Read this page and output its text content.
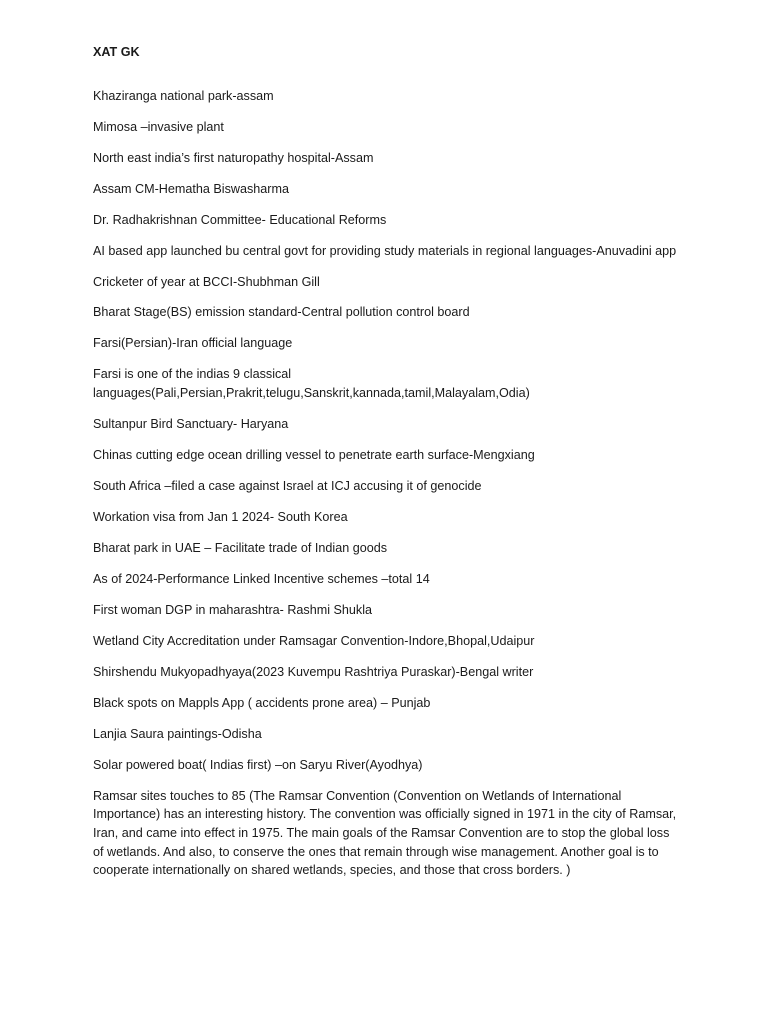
XAT GK

Khaziranga national park-assam

Mimosa –invasive plant

North east india’s first naturopathy hospital-Assam

Assam CM-Hematha Biswasharma

Dr. Radhakrishnan Committee- Educational Reforms

AI based app launched bu central govt for providing study materials in regional languages-Anuvadini app

Cricketer of year at BCCI-Shubhman Gill

Bharat Stage(BS) emission standard-Central pollution control board

Farsi(Persian)-Iran official language

Farsi is one of the indias 9 classical languages(Pali,Persian,Prakrit,telugu,Sanskrit,kannada,tamil,Malayalam,Odia)

Sultanpur Bird Sanctuary- Haryana

Chinas cutting edge ocean drilling vessel to penetrate earth surface-Mengxiang

South Africa –filed a case against Israel at ICJ accusing it of genocide

Workation visa from Jan 1 2024- South Korea

Bharat park in UAE – Facilitate trade of Indian goods

As of 2024-Performance Linked Incentive schemes –total 14

First woman DGP in maharashtra- Rashmi Shukla

Wetland City Accreditation under Ramsagar Convention-Indore,Bhopal,Udaipur

Shirshendu Mukyopadhyaya(2023 Kuvempu Rashtriya Puraskar)-Bengal writer

Black spots on Mappls App ( accidents prone area) – Punjab

Lanjia Saura paintings-Odisha

Solar powered boat( Indias first) –on Saryu River(Ayodhya)

Ramsar sites touches to 85 (The Ramsar Convention (Convention on Wetlands of International Importance) has an interesting history. The convention was officially signed in 1971 in the city of Ramsar, Iran, and came into effect in 1975. The main goals of the Ramsar Convention are to stop the global loss of wetlands. And also, to conserve the ones that remain through wise management. Another goal is to cooperate internationally on shared wetlands, species, and those that cross borders. )
